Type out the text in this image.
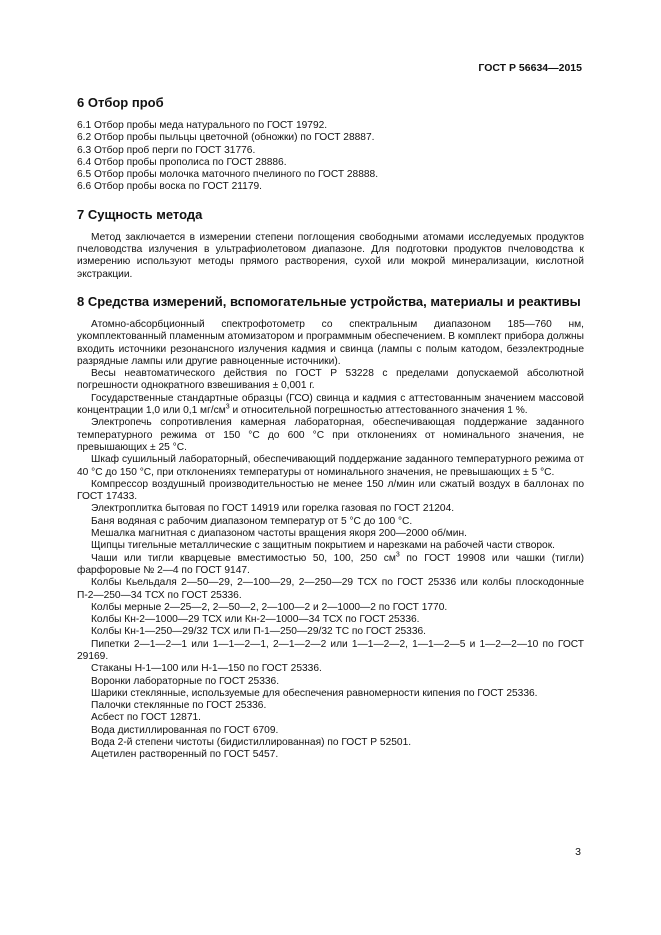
ГОСТ Р 56634—2015
6 Отбор проб
6.1 Отбор пробы меда натурального по ГОСТ 19792.
6.2 Отбор пробы пыльцы цветочной (обножки) по ГОСТ 28887.
6.3 Отбор проб перги по ГОСТ 31776.
6.4 Отбор пробы прополиса по ГОСТ 28886.
6.5 Отбор пробы молочка маточного пчелиного по ГОСТ 28888.
6.6 Отбор пробы воска по ГОСТ 21179.
7 Сущность метода

Метод заключается в измерении степени поглощения свободными атомами исследуемых продуктов пчеловодства излучения в ультрафиолетовом диапазоне. Для подготовки продуктов пчеловодства к измерению используют методы прямого растворения, сухой или мокрой минерализации, кислотной экстракции.

8 Средства измерений, вспомогательные устройства, материалы и реактивы

Атомно-абсорбционный спектрофотометр со спектральным диапазоном 185—760 нм, укомплектованный пламенным атомизатором и программным обеспечением. В комплект прибора должны входить источники резонансного излучения кадмия и свинца (лампы с полым катодом, безэлектродные разрядные лампы или другие равноценные источники).

Весы неавтоматического действия по ГОСТ Р 53228 с пределами допускаемой абсолютной погрешности однократного взвешивания ± 0,001 г.

Государственные стандартные образцы (ГСО) свинца и кадмия с аттестованным значением массовой концентрации 1,0 или 0,1 $мг/см^3$ и относительной погрешностью аттестованного значения 1 %.

Электропечь сопротивления камерная лабораторная, обеспечивающая поддержание заданного температурного режима от 150 °С до 600 °С при отклонениях от номинального значения, не превышающих ± 25 °С.

Шкаф сушильный лабораторный, обеспечивающий поддержание заданного температурного режима от 40 °С до 150 °С, при отклонениях температуры от номинального значения, не превышающих ± 5 °С.

Компрессор воздушный производительностью не менее 150 л/мин или сжатый воздух в баллонах по ГОСТ 17433.

Электроплитка бытовая по ГОСТ 14919 или горелка газовая по ГОСТ 21204.

Баня водяная с рабочим диапазоном температур от 5 °С до 100 °С.

Мешалка магнитная с диапазоном частоты вращения якоря 200—2000 об/мин.

Щипцы тигельные металлические с защитным покрытием и нарезками на рабочей части створок.

Чаши или тигли кварцевые вместимостью 50, 100, 250 $см^3$ по ГОСТ 19908 или чашки (тигли) фарфоровые № 2—4 по ГОСТ 9147.

Колбы Кьельдаля 2—50—29, 2—100—29, 2—250—29 ТСХ по ГОСТ 25336 или колбы плоскодонные П-2—250—34 ТСХ по ГОСТ 25336.

Колбы мерные 2—25—2, 2—50—2, 2—100—2 и 2—1000—2 по ГОСТ 1770.

Колбы Кн-2—1000—29 ТСХ или Кн-2—1000—34 ТСХ по ГОСТ 25336.

Колбы Кн-1—250—29/32 ТСХ или П-1—250—29/32 ТС по ГОСТ 25336.

Пипетки 2—1—2—1 или 1—1—2—1, 2—1—2—2 или 1—1—2—2, 1—1—2—5 и 1—2—2—10 по ГОСТ 29169.

Стаканы Н-1—100 или Н-1—150 по ГОСТ 25336.

Воронки лабораторные по ГОСТ 25336.

Шарики стеклянные, используемые для обеспечения равномерности кипения по ГОСТ 25336.

Палочки стеклянные по ГОСТ 25336.

Асбест по ГОСТ 12871.

Вода дистиллированная по ГОСТ 6709.

Вода 2-й степени чистоты (бидистиллированная) по ГОСТ Р 52501.

Ацетилен растворенный по ГОСТ 5457.

3
